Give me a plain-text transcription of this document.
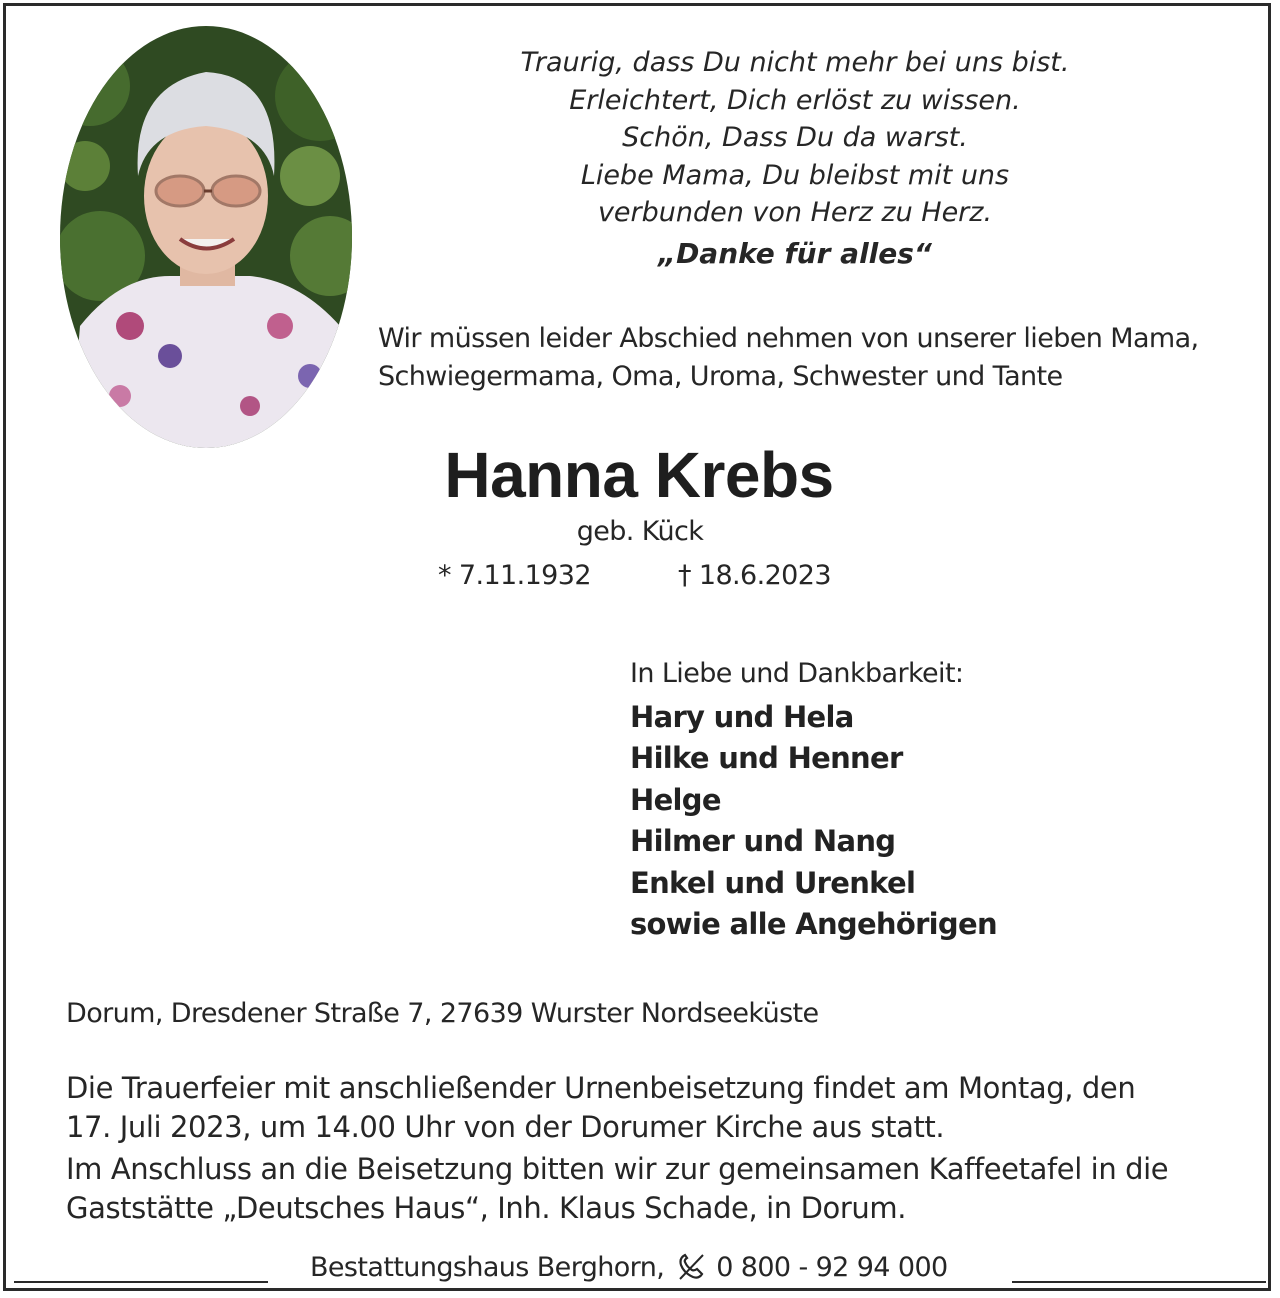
Traurig, dass Du nicht mehr bei uns bist.
Erleichtert, Dich erlöst zu wissen.
Schön, Dass Du da warst.
Liebe Mama, Du bleibst mit uns
verbunden von Herz zu Herz.
„Danke für alles“
Wir müssen leider Abschied nehmen von unserer lieben Mama,
Schwiegermama, Oma, Uroma, Schwester und Tante
Hanna Krebs
geb. Kück
* 7.11.1932	† 18.6.2023
In Liebe und Dankbarkeit:
Hary und Hela
Hilke und Henner
Helge
Hilmer und Nang
Enkel und Urenkel
sowie alle Angehörigen
Dorum, Dresdener Straße 7, 27639 Wurster Nordseeküste
Die Trauerfeier mit anschließender Urnenbeisetzung findet am Montag, den
17. Juli 2023, um 14.00 Uhr von der Dorumer Kirche aus statt.
Im Anschluss an die Beisetzung bitten wir zur gemeinsamen Kaffeetafel in die
Gaststätte „Deutsches Haus“, Inh. Klaus Schade, in Dorum.
Bestattungshaus Berghorn, 0 800 - 92 94 000
